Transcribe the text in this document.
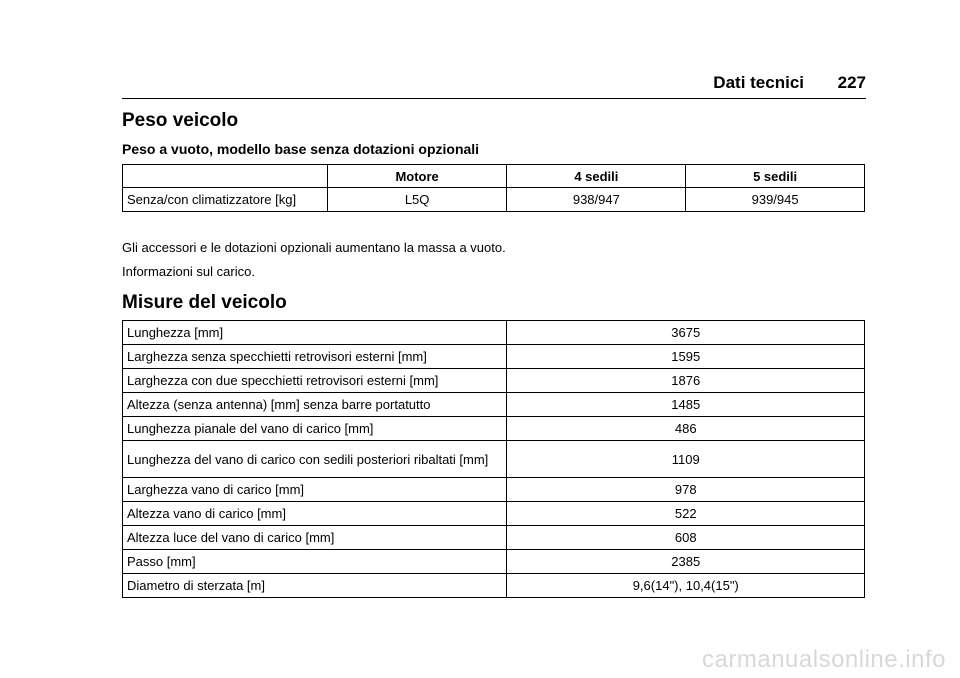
Dati tecnici 227
Peso veicolo
Peso a vuoto, modello base senza dotazioni opzionali
	Motore	4 sedili	5 sedili
Senza/con climatizzatore [kg]	L5Q	938/947	939/945
Gli accessori e le dotazioni opzionali aumentano la massa a vuoto.
Informazioni sul carico.
Misure del veicolo
Lunghezza [mm]	3675
Larghezza senza specchietti retrovisori esterni [mm]	1595
Larghezza con due specchietti retrovisori esterni [mm]	1876
Altezza (senza antenna) [mm] senza barre portatutto	1485
Lunghezza pianale del vano di carico [mm]	486
Lunghezza del vano di carico con sedili posteriori ribaltati [mm]	1109
Larghezza vano di carico [mm]	978
Altezza vano di carico [mm]	522
Altezza luce del vano di carico [mm]	608
Passo [mm]	2385
Diametro di sterzata [m]	9,6(14"), 10,4(15")
carmanualsonline.info
